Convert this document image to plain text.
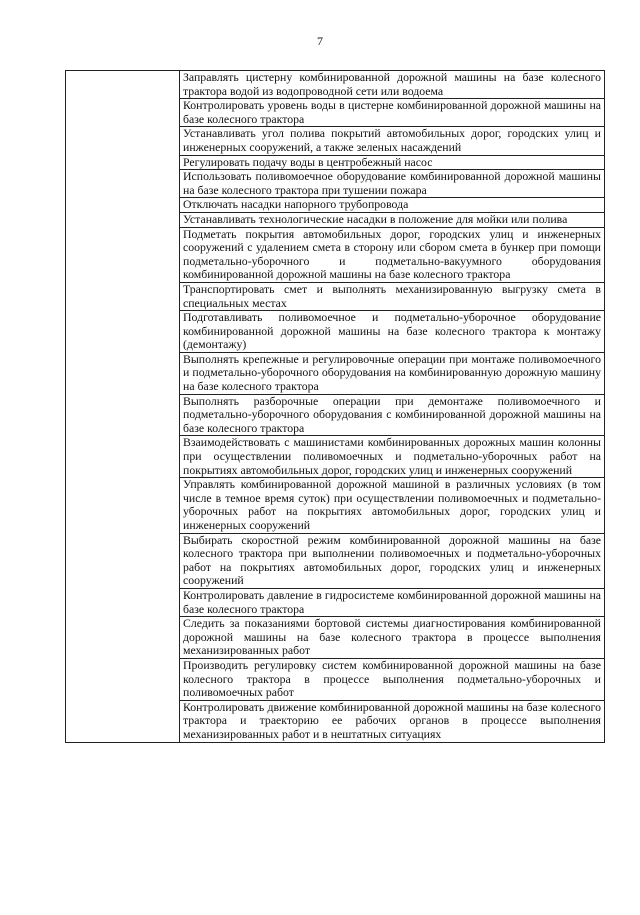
7
	Заправлять цистерну комбинированной дорожной машины на базе колесного трактора водой из водопроводной сети или водоема
Контролировать уровень воды в цистерне комбинированной дорожной машины на базе колесного трактора
Устанавливать угол полива покрытий автомобильных дорог, городских улиц и инженерных сооружений, а также зеленых насаждений
Регулировать подачу воды в центробежный насос
Использовать поливомоечное оборудование комбинированной дорожной машины на базе колесного трактора при тушении пожара
Отключать насадки напорного трубопровода
Устанавливать технологические насадки в положение для мойки или полива
Подметать покрытия автомобильных дорог, городских улиц и инженерных сооружений с удалением смета в сторону или сбором смета в бункер при помощи подметально-уборочного и подметально-вакуумного оборудования комбинированной дорожной машины на базе колесного трактора
Транспортировать смет и выполнять механизированную выгрузку смета в специальных местах
Подготавливать поливомоечное и подметально-уборочное оборудование комбинированной дорожной машины на базе колесного трактора к монтажу (демонтажу)
Выполнять крепежные и регулировочные операции при монтаже поливомоечного и подметально-уборочного оборудования на комбинированную дорожную машину на базе колесного трактора
Выполнять разборочные операции при демонтаже поливомоечного и подметально-уборочного оборудования с комбинированной дорожной машины на базе колесного трактора
Взаимодействовать с машинистами комбинированных дорожных машин колонны при осуществлении поливомоечных и подметально-уборочных работ на покрытиях автомобильных дорог, городских улиц и инженерных сооружений
Управлять комбинированной дорожной машиной в различных условиях (в том числе в темное время суток) при осуществлении поливомоечных и подметально-уборочных работ на покрытиях автомобильных дорог, городских улиц и инженерных сооружений
Выбирать скоростной режим комбинированной дорожной машины на базе колесного трактора при выполнении поливомоечных и подметально-уборочных работ на покрытиях автомобильных дорог, городских улиц и инженерных сооружений
Контролировать давление в гидросистеме комбинированной дорожной машины на базе колесного трактора
Следить за показаниями бортовой системы диагностирования комбинированной дорожной машины на базе колесного трактора в процессе выполнения механизированных работ
Производить регулировку систем комбинированной дорожной машины на базе колесного трактора в процессе выполнения подметально-уборочных и поливомоечных работ
Контролировать движение комбинированной дорожной машины на базе колесного трактора и траекторию ее рабочих органов в процессе выполнения механизированных работ и в нештатных ситуациях
